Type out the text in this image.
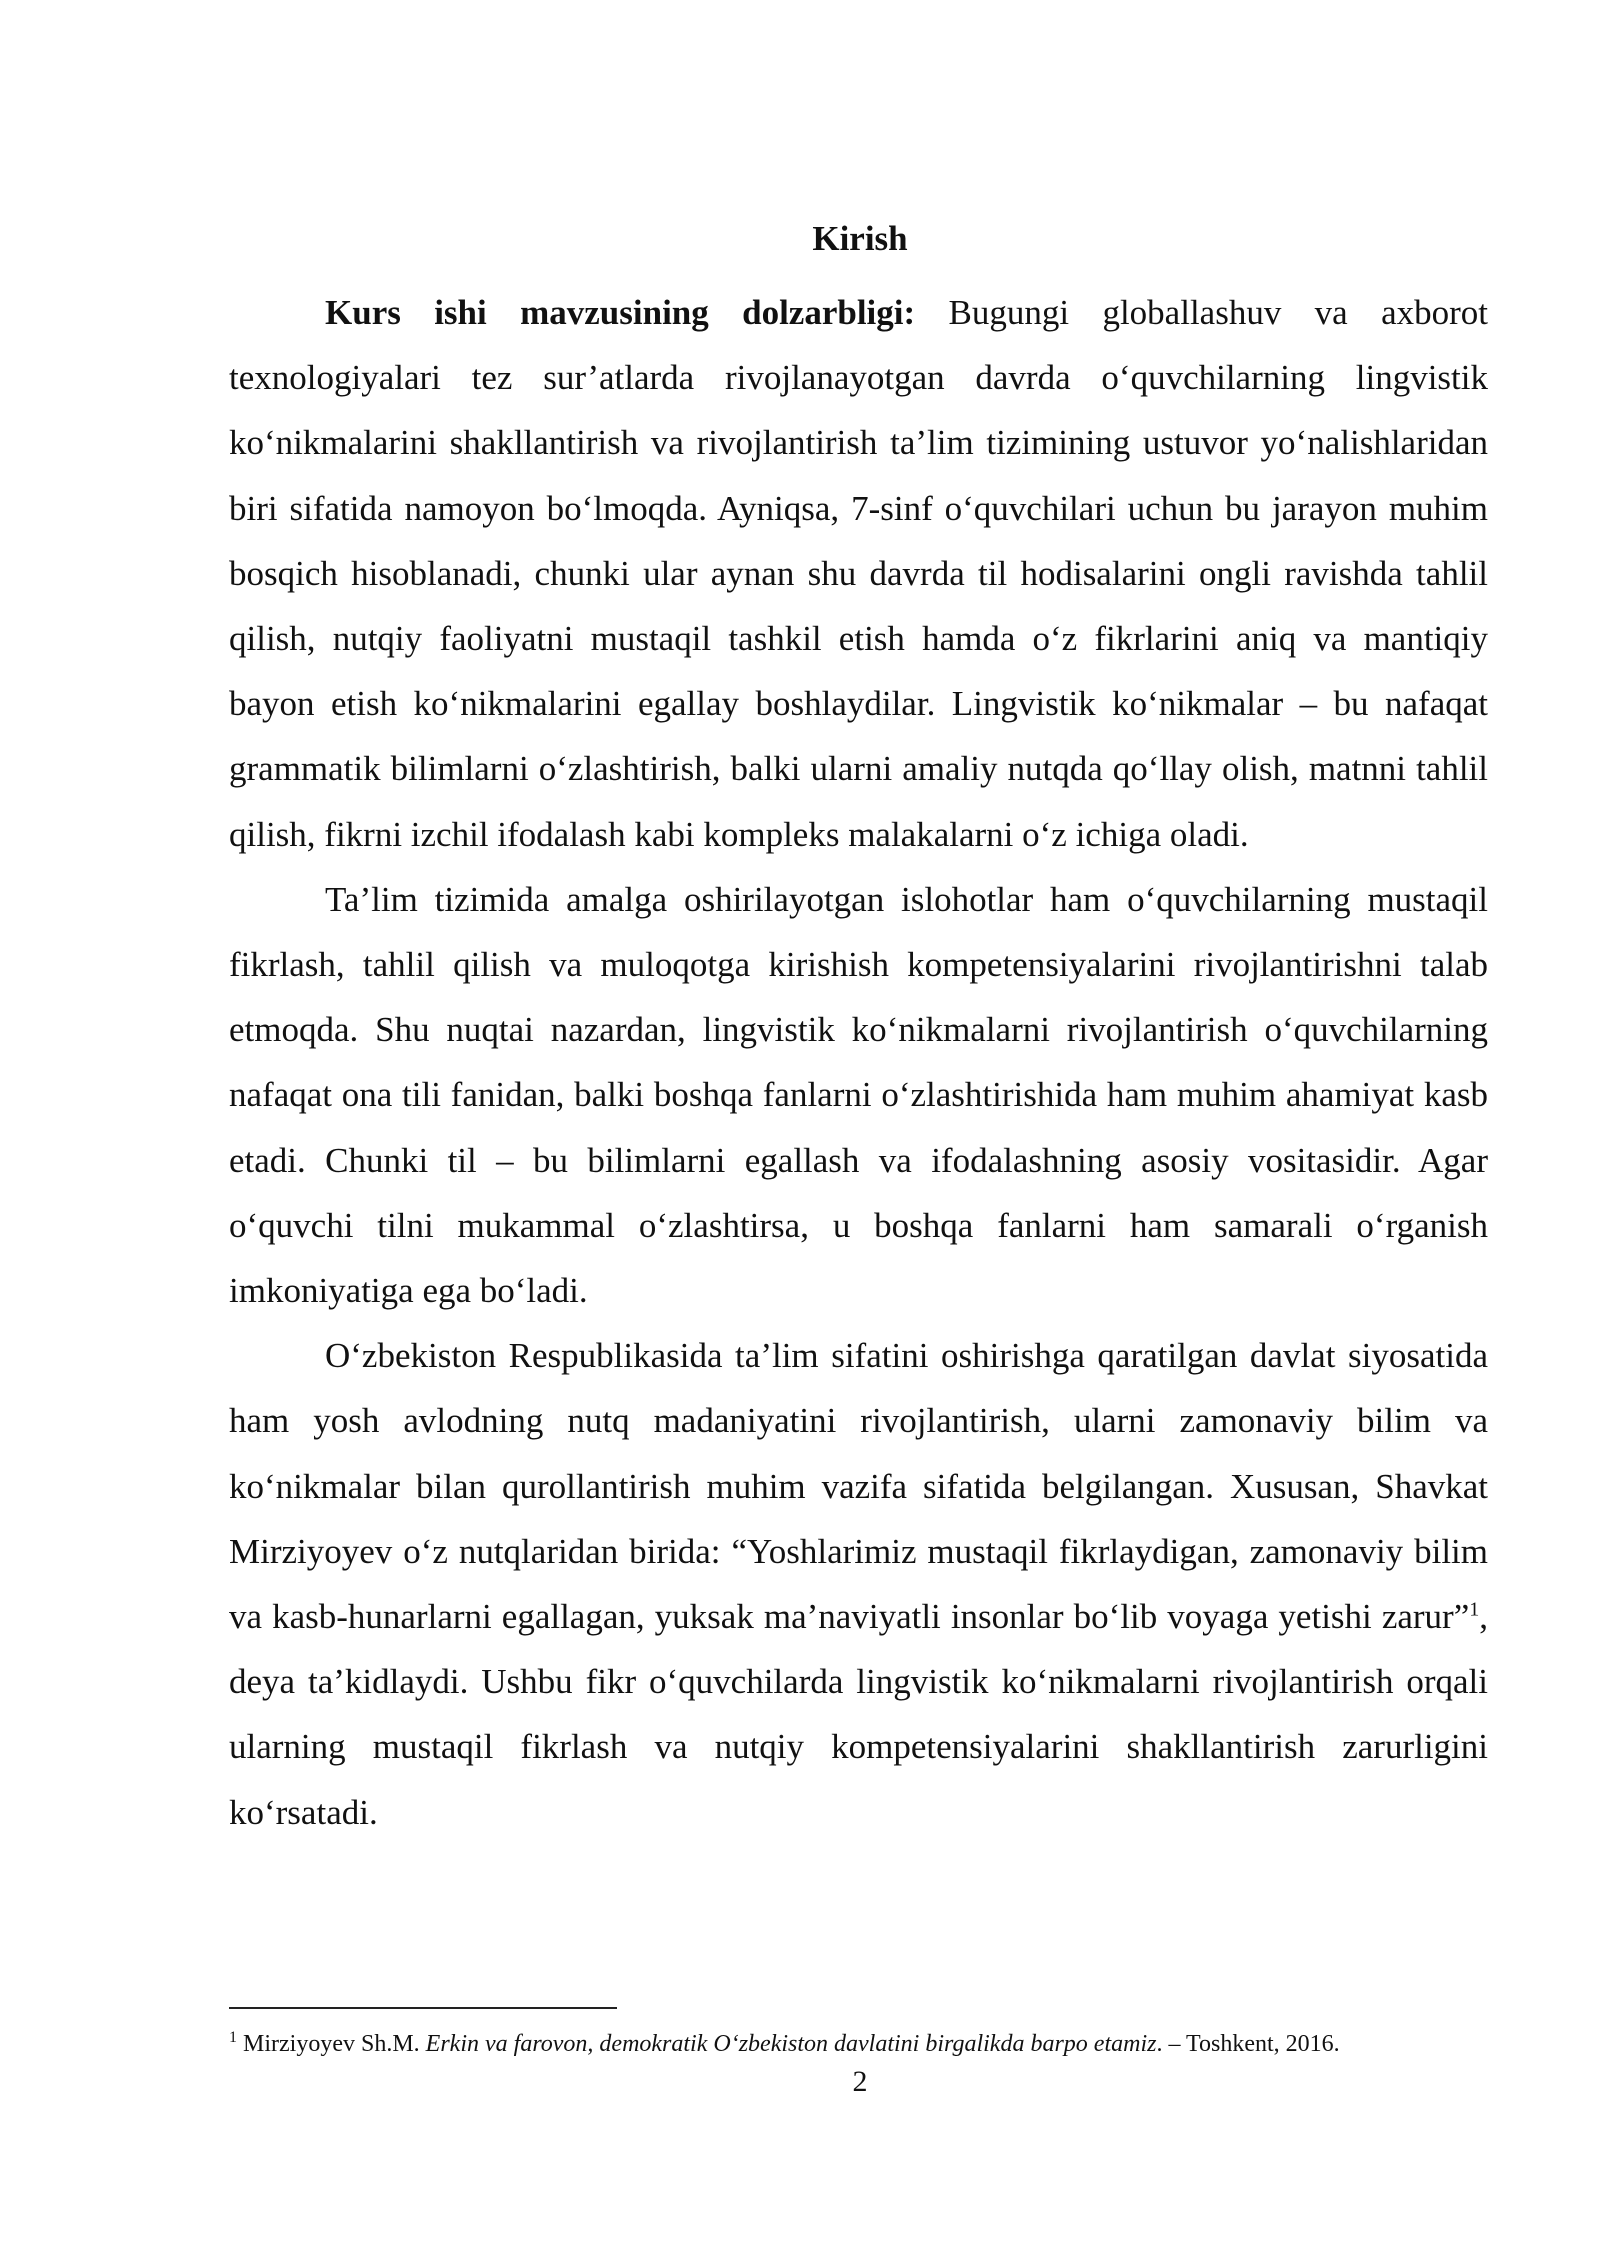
Kirish

Kurs ishi mavzusining dolzarbligi: Bugungi globallashuv va axborot texnologiyalari tez sur’atlarda rivojlanayotgan davrda o‘quvchilarning lingvistik ko‘nikmalarini shakllantirish va rivojlantirish ta’lim tizimining ustuvor yo‘nalishlaridan biri sifatida namoyon bo‘lmoqda. Ayniqsa, 7-sinf o‘quvchilari uchun bu jarayon muhim bosqich hisoblanadi, chunki ular aynan shu davrda til hodisalarini ongli ravishda tahlil qilish, nutqiy faoliyatni mustaqil tashkil etish hamda o‘z fikrlarini aniq va mantiqiy bayon etish ko‘nikmalarini egallay boshlaydilar. Lingvistik ko‘nikmalar – bu nafaqat grammatik bilimlarni o‘zlashtirish, balki ularni amaliy nutqda qo‘llay olish, matnni tahlil qilish, fikrni izchil ifodalash kabi kompleks malakalarni o‘z ichiga oladi.

Ta’lim tizimida amalga oshirilayotgan islohotlar ham o‘quvchilarning mustaqil fikrlash, tahlil qilish va muloqotga kirishish kompetensiyalarini rivojlantirishni talab etmoqda. Shu nuqtai nazardan, lingvistik ko‘nikmalarni rivojlantirish o‘quvchilarning nafaqat ona tili fanidan, balki boshqa fanlarni o‘zlashtirishida ham muhim ahamiyat kasb etadi. Chunki til – bu bilimlarni egallash va ifodalashning asosiy vositasidir. Agar o‘quvchi tilni mukammal o‘zlashtirsa, u boshqa fanlarni ham samarali o‘rganish imkoniyatiga ega bo‘ladi.

O‘zbekiston Respublikasida ta’lim sifatini oshirishga qaratilgan davlat siyosatida ham yosh avlodning nutq madaniyatini rivojlantirish, ularni zamonaviy bilim va ko‘nikmalar bilan qurollantirish muhim vazifa sifatida belgilangan. Xususan, Shavkat Mirziyoyev o‘z nutqlaridan birida: “Yoshlarimiz mustaqil fikrlaydigan, zamonaviy bilim va kasb-hunarlarni egallagan, yuksak ma’naviyatli insonlar bo‘lib voyaga yetishi zarur”$^1$, deya ta’kidlaydi. Ushbu fikr o‘quvchilarda lingvistik ko‘nikmalarni rivojlantirish orqali ularning mustaqil fikrlash va nutqiy kompetensiyalarini shakllantirish zarurligini ko‘rsatadi.

$^1$ Mirziyoyev Sh.M. Erkin va farovon, demokratik O‘zbekiston davlatini birgalikda barpo etamiz. – Toshkent, 2016.
2
